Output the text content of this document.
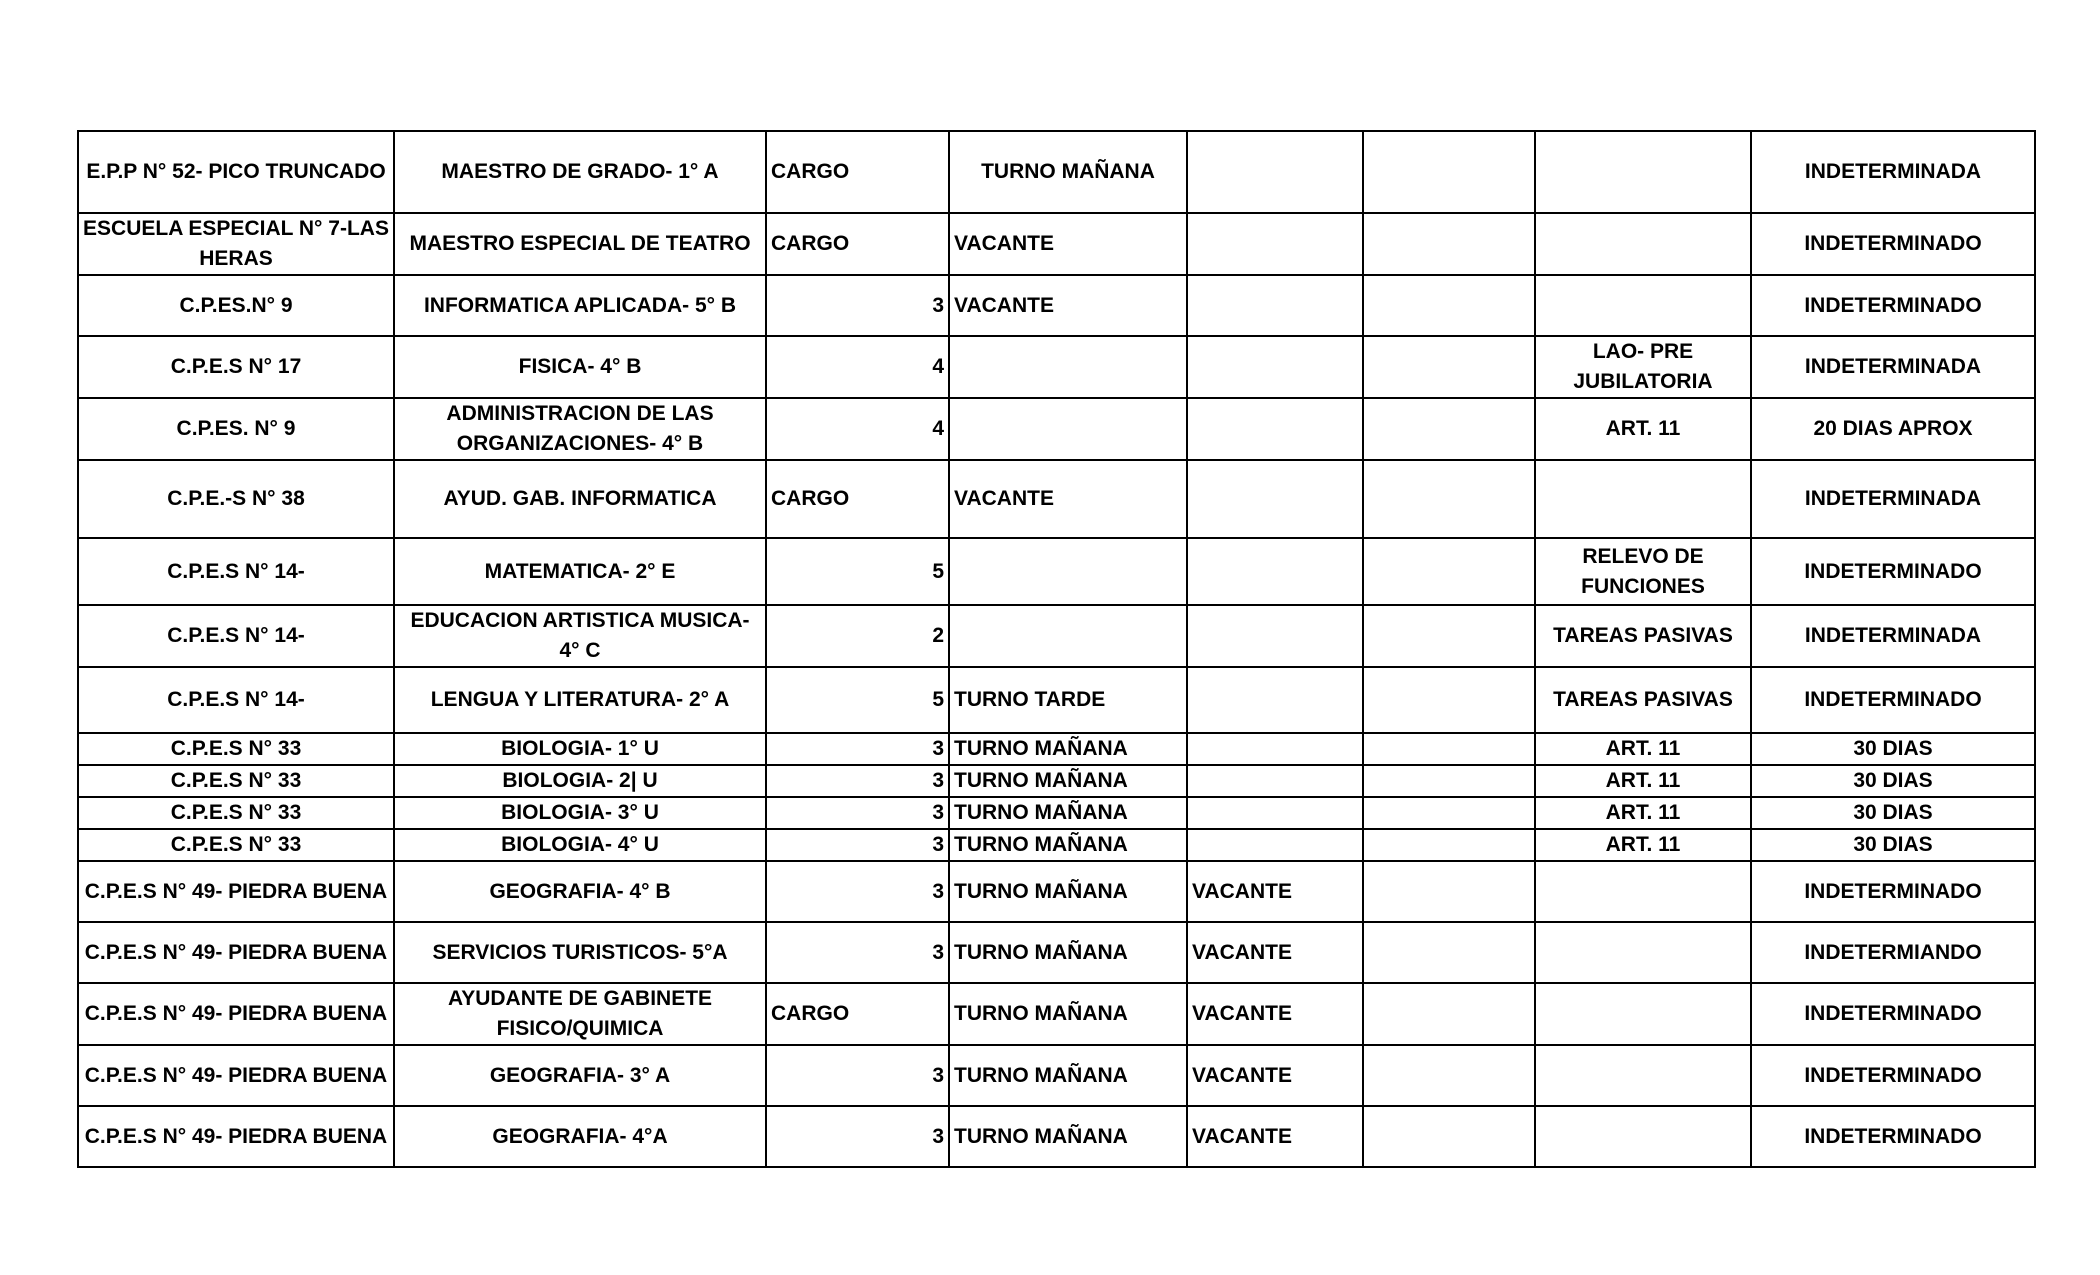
E.P.P N° 52- PICO TRUNCADO	MAESTRO DE GRADO- 1° A	CARGO	TURNO MAÑANA				INDETERMINADA
ESCUELA ESPECIAL N° 7-LAS HERAS	MAESTRO ESPECIAL DE TEATRO	CARGO	VACANTE				INDETERMINADO
C.P.ES.N° 9	INFORMATICA APLICADA- 5° B	3	VACANTE				INDETERMINADO
C.P.E.S N° 17	FISICA- 4° B	4				LAO- PRE JUBILATORIA	INDETERMINADA
C.P.ES. N° 9	ADMINISTRACION DE LAS ORGANIZACIONES- 4° B	4				ART. 11	20 DIAS APROX
C.P.E.-S N° 38	AYUD. GAB. INFORMATICA	CARGO	VACANTE				INDETERMINADA
C.P.E.S N° 14-	MATEMATICA- 2° E	5				RELEVO DE FUNCIONES	INDETERMINADO
C.P.E.S N° 14-	EDUCACION ARTISTICA MUSICA- 4° C	2				TAREAS PASIVAS	INDETERMINADA
C.P.E.S N° 14-	LENGUA Y LITERATURA- 2° A	5	TURNO TARDE			TAREAS PASIVAS	INDETERMINADO
C.P.E.S N° 33	BIOLOGIA- 1° U	3	TURNO MAÑANA			ART. 11	30 DIAS
C.P.E.S N° 33	BIOLOGIA- 2| U	3	TURNO MAÑANA			ART. 11	30 DIAS
C.P.E.S N° 33	BIOLOGIA- 3° U	3	TURNO MAÑANA			ART. 11	30 DIAS
C.P.E.S N° 33	BIOLOGIA- 4° U	3	TURNO MAÑANA			ART. 11	30 DIAS
C.P.E.S N° 49- PIEDRA BUENA	GEOGRAFIA- 4° B	3	TURNO MAÑANA	VACANTE			INDETERMINADO
C.P.E.S N° 49- PIEDRA BUENA	SERVICIOS TURISTICOS- 5°A	3	TURNO MAÑANA	VACANTE			INDETERMIANDO
C.P.E.S N° 49- PIEDRA BUENA	AYUDANTE DE GABINETE FISICO/QUIMICA	CARGO	TURNO MAÑANA	VACANTE			INDETERMINADO
C.P.E.S N° 49- PIEDRA BUENA	GEOGRAFIA- 3° A	3	TURNO MAÑANA	VACANTE			INDETERMINADO
C.P.E.S N° 49- PIEDRA BUENA	GEOGRAFIA- 4°A	3	TURNO MAÑANA	VACANTE			INDETERMINADO
